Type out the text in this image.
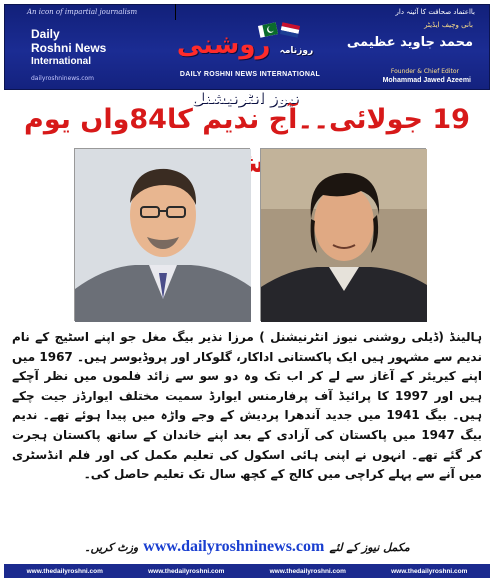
An icon of impartial journalism	بااعتماد صحافت کا آئینہ دار
Daily
Roshni News
International
dailyroshninews.com
روزنامہ روشنی نیوز انٹرنیشنل
DAILY ROSHNI NEWS INTERNATIONAL
بانی وچیف ایڈیٹر
محمد جاوید عظیمی
Founder & Chief Editor
Mohammad Jawed Azeemi
19 جولائی۔۔آج ندیم کا84واں یوم

ہالینڈ (ڈیلی روشنی نیوز انٹرنیشنل ) مرزا نذیر بیگ مغل جو اپنے اسٹیج کے نام ندیم سے مشہور ہیں ایک پاکستانی اداکار، گلوکار اور پروڈیوسر ہیں۔ 1967 میں اپنے کیریئر کے آغاز سے لے کر اب تک وہ دو سو سے زائد فلموں میں نظر آچکے ہیں اور 1997 کا پرائیڈ آف پرفارمنس ایوارڈ سمیت مختلف ایوارڈز جیت چکے ہیں۔ بیگ 1941 میں جدید آندھرا پردیش کے وجے واڑہ میں پیدا ہوئے تھے۔ ندیم بیگ 1947 میں پاکستان کی آزادی کے بعد اپنے خاندان کے ساتھ پاکستان ہجرت کر گئے تھے۔ انہوں نے اپنی ہائی اسکول کی تعلیم مکمل کی اور فلم انڈسٹری میں آنے سے پہلے کراچی میں کالج کے کچھ سال تک تعلیم حاصل کی۔

وزٹ کریں۔ www.dailyroshninews.com مکمل نیوز کے لئے
www.thedailyroshni.com	www.thedailyroshni.com	www.thedailyroshni.com	www.thedailyroshni.com
